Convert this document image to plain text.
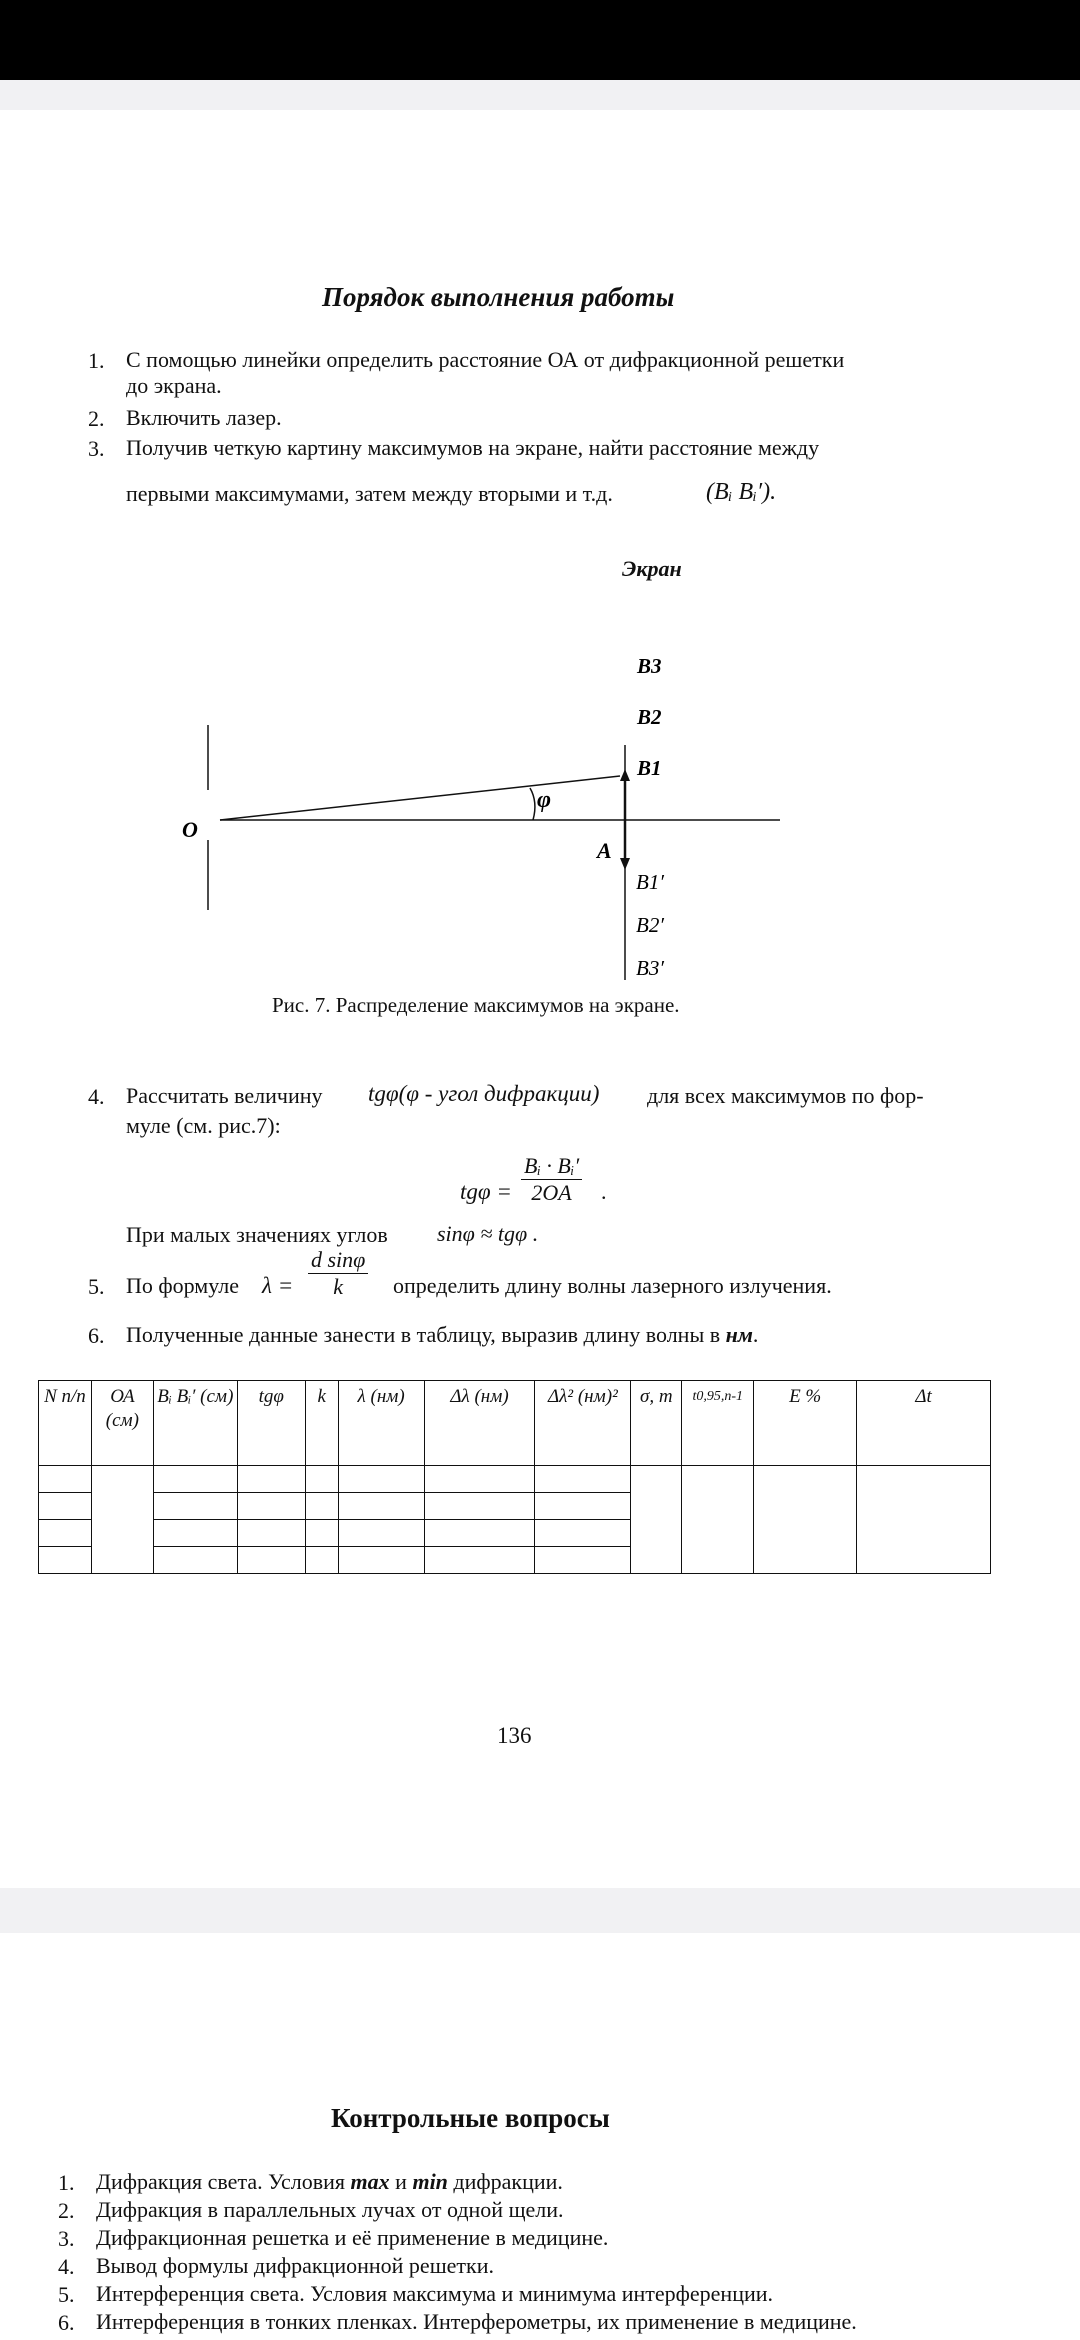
Порядок выполнения работы
1. С помощью линейки определить расстояние ОА от дифракционной решетки
до экрана.
2. Включить лазер.
3. Получив четкую картину максимумов на экране, найти расстояние между
первыми максимумами, затем между вторыми и т.д.	(Bᵢ Bᵢ′).
Экран
O
A
φ
B1
B2
B3
B3′
B2′
B1′
Рис. 7. Распределение максимумов на экране.
4. Рассчитать величину tgφ(φ - угол дифракции) для всех максимумов по фор-
муле (см. рис.7):
$tg\varphi = \frac{\text{Bᵢ · Bᵢ′}}{2OA}$ .
При малых значениях углов sinφ ≈ tgφ .
5. По формуле $\lambda = \frac{\text{d sinφ}}{k}$ определить длину волны лазерного излучения.
6. Полученные данные занести в таблицу, выразив длину волны в нм.
N п/п	ОА (см)	Bᵢ Bᵢ′ (см)	tgφ	k	λ (нм)	Δλ (нм)	Δλ² (нм)²	σ, m	t0,95,n-1	E %	Δt

136
Контрольные вопросы
1. Дифракция света. Условия max и min дифракции.
2. Дифракция в параллельных лучах от одной щели.
3. Дифракционная решетка и её применение в медицине.
4. Вывод формулы дифракционной решетки.
5. Интерференция света. Условия максимума и минимума интерференции.
6. Интерференция в тонких пленках. Интерферометры, их применение в медицине.
